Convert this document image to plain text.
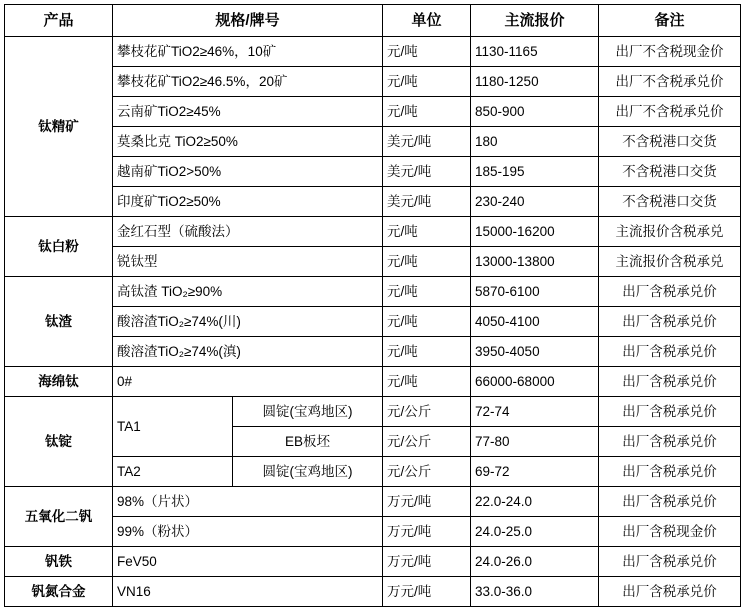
产品	规格/牌号		单位	主流报价	备注
钛精矿	攀枝花矿TiO2≥46%，10矿		元/吨	1130-1165	出厂不含税现金价
	攀枝花矿TiO2≥46.5%，20矿		元/吨	1180-1250	出厂不含税承兑价
	云南矿TiO2≥45%		元/吨	850-900	出厂不含税承兑价
	莫桑比克 TiO2≥50%		美元/吨	180	不含税港口交货
	越南矿TiO2>50%		美元/吨	185-195	不含税港口交货
	印度矿TiO2≥50%		美元/吨	230-240	不含税港口交货
钛白粉	金红石型（硫酸法）		元/吨	15000-16200	主流报价含税承兑
	锐钛型		元/吨	13000-13800	主流报价含税承兑
钛渣	高钛渣 TiO₂≥90%		元/吨	5870-6100	出厂含税承兑价
	酸溶渣TiO₂≥74%(川)		元/吨	4050-4100	出厂含税承兑价
	酸溶渣TiO₂≥74%(滇)		元/吨	3950-4050	出厂含税承兑价
海绵钛	0#		元/吨	66000-68000	出厂含税承兑价
钛锭	TA1	圆锭(宝鸡地区)	元/公斤	72-74	出厂含税承兑价
		EB板坯	元/公斤	77-80	出厂含税承兑价
	TA2	圆锭(宝鸡地区)	元/公斤	69-72	出厂含税承兑价
五氧化二钒	98%（片状）		万元/吨	22.0-24.0	出厂含税承兑价
	99%（粉状）		万元/吨	24.0-25.0	出厂含税现金价
钒铁	FeV50		万元/吨	24.0-26.0	出厂含税承兑价
钒氮合金	VN16		万元/吨	33.0-36.0	出厂含税承兑价
